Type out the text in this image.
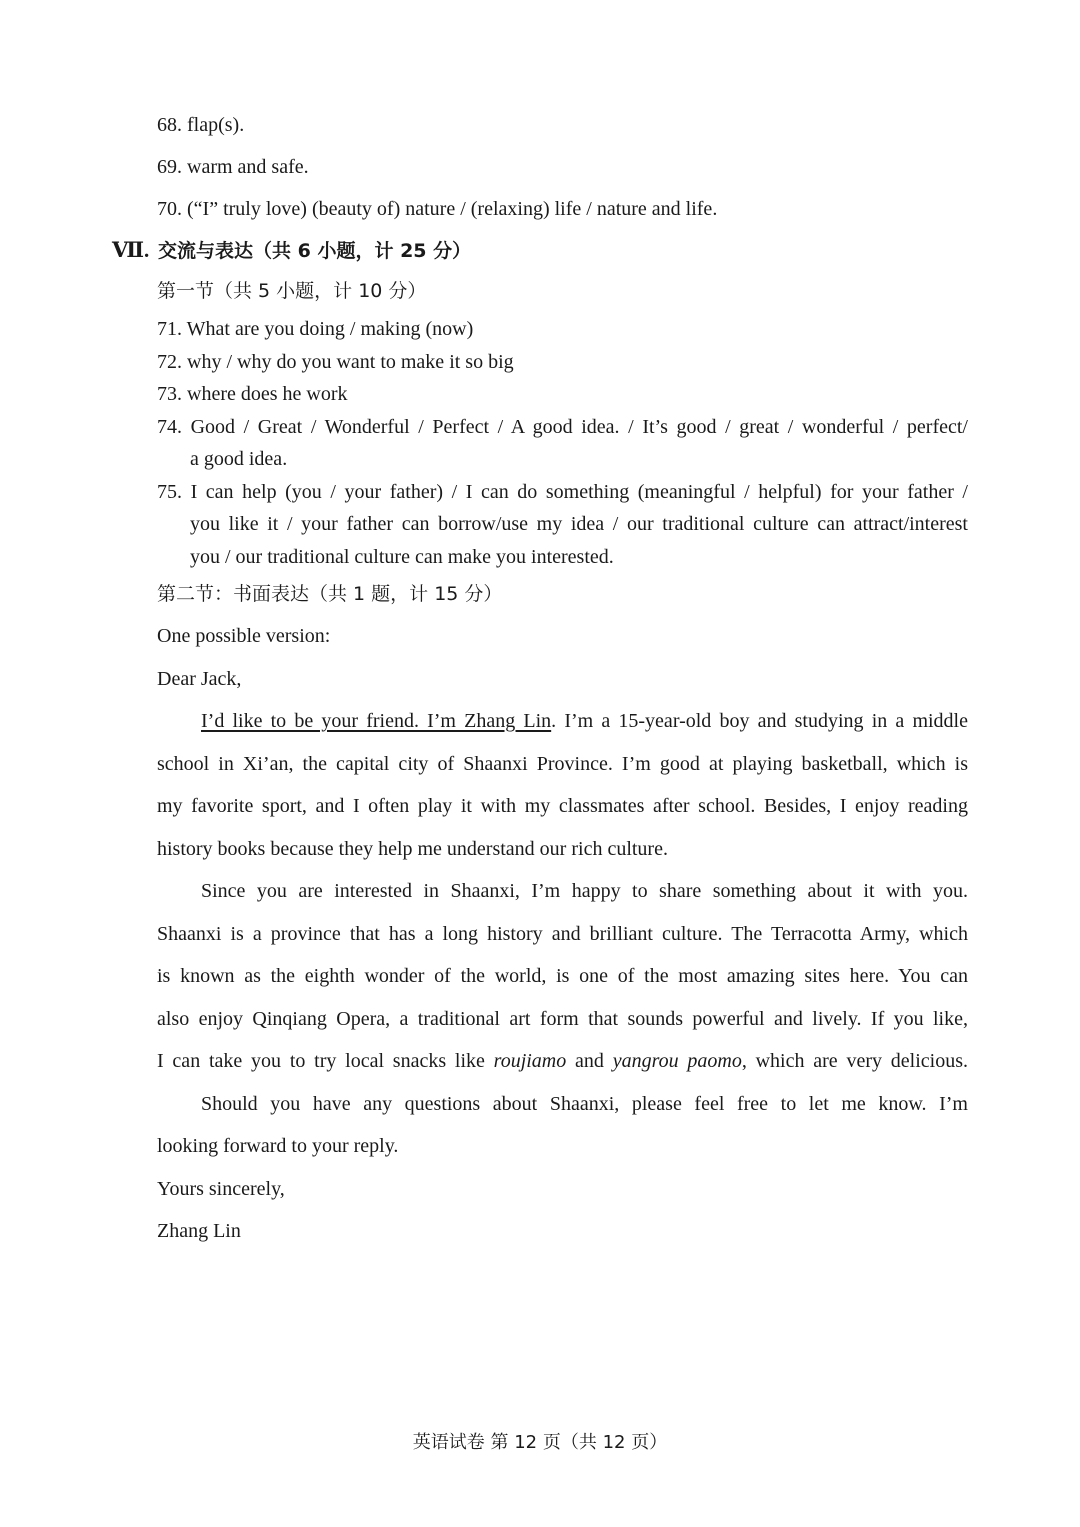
68. flap(s).
69. warm and safe.
70. (“I” truly love) (beauty of) nature / (relaxing) life / nature and life.
Ⅶ. 交流与表达（共 6 小题，计 25 分）
第一节（共 5 小题，计 10 分）
71. What are you doing / making (now)
72. why / why do you want to make it so big
73. where does he work
74. Good / Great / Wonderful / Perfect / A good idea. / It’s good / great / wonderful / perfect/
a good idea.
75. I can help (you / your father) / I can do something (meaningful / helpful) for your father /
you like it / your father can borrow/use my idea / our traditional culture can attract/interest
you / our traditional culture can make you interested.
第二节：书面表达（共 1 题，计 15 分）
One possible version:
Dear Jack,
I’d like to be your friend. I’m Zhang Lin. I’m a 15-year-old boy and studying in a middle
school in Xi’an, the capital city of Shaanxi Province. I’m good at playing basketball, which is
my favorite sport, and I often play it with my classmates after school. Besides, I enjoy reading
history books because they help me understand our rich culture.
Since you are interested in Shaanxi, I’m happy to share something about it with you.
Shaanxi is a province that has a long history and brilliant culture. The Terracotta Army, which
is known as the eighth wonder of the world, is one of the most amazing sites here. You can
also enjoy Qinqiang Opera, a traditional art form that sounds powerful and lively. If you like,
I can take you to try local snacks like roujiamo and yangrou paomo, which are very delicious.
Should you have any questions about Shaanxi, please feel free to let me know. I’m
looking forward to your reply.
Yours sincerely,
Zhang Lin
英语试卷 第 12 页（共 12 页）
